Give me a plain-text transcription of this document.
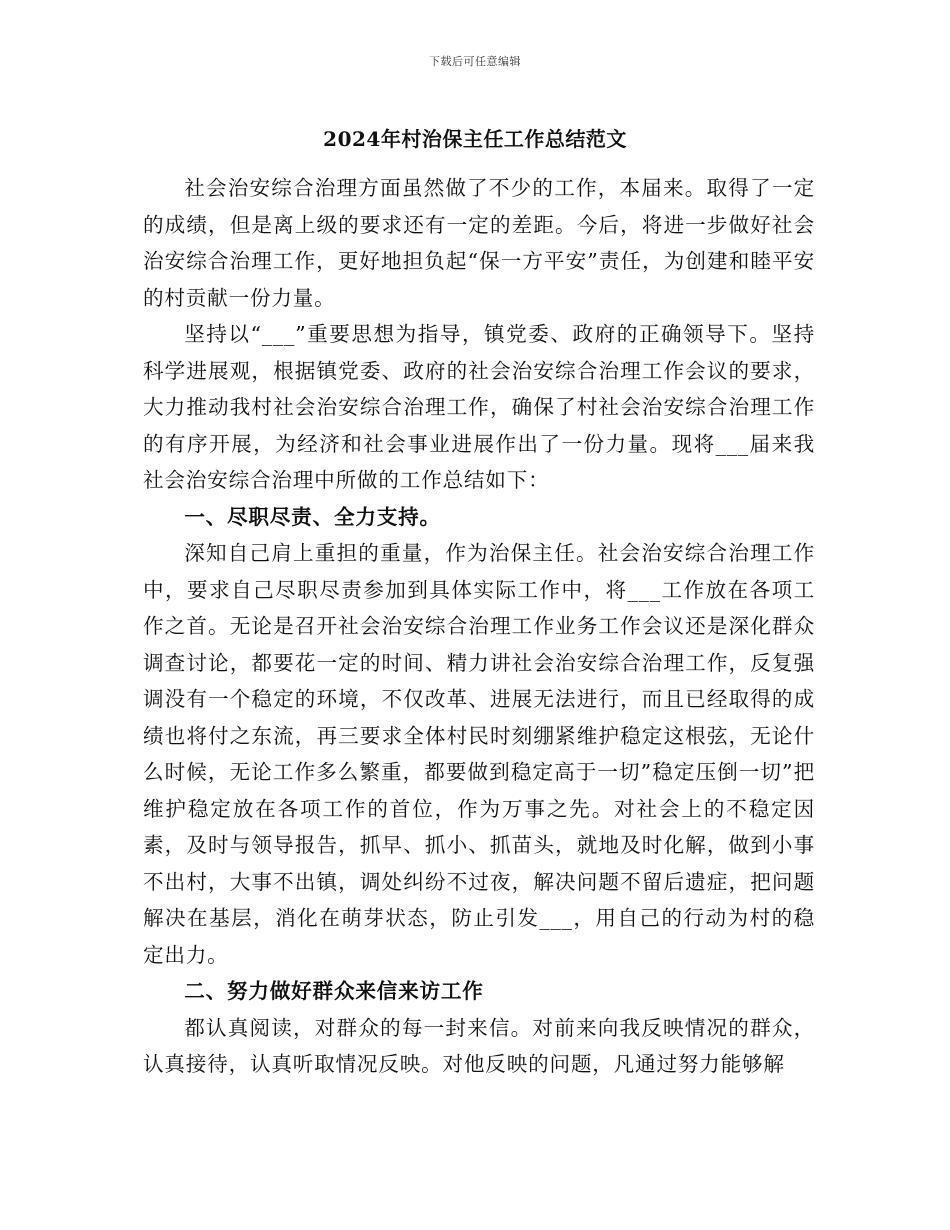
下载后可任意编辑
2024年村治保主任工作总结范文

社会治安综合治理方面虽然做了不少的工作，本届来。取得了一定的成绩，但是离上级的要求还有一定的差距。今后，将进一步做好社会治安综合治理工作，更好地担负起“保一方平安”责任，为创建和睦平安的村贡献一份力量。

坚持以“___”重要思想为指导，镇党委、政府的正确领导下。坚持科学进展观，根据镇党委、政府的社会治安综合治理工作会议的要求，大力推动我村社会治安综合治理工作，确保了村社会治安综合治理工作的有序开展，为经济和社会事业进展作出了一份力量。现将___届来我社会治安综合治理中所做的工作总结如下：

一、尽职尽责、全力支持。

深知自己肩上重担的重量，作为治保主任。社会治安综合治理工作中，要求自己尽职尽责参加到具体实际工作中，将___工作放在各项工作之首。无论是召开社会治安综合治理工作业务工作会议还是深化群众调查讨论，都要花一定的时间、精力讲社会治安综合治理工作，反复强调没有一个稳定的环境，不仅改革、进展无法进行，而且已经取得的成绩也将付之东流，再三要求全体村民时刻绷紧维护稳定这根弦，无论什么时候，无论工作多么繁重，都要做到稳定高于一切”稳定压倒一切”把维护稳定放在各项工作的首位，作为万事之先。对社会上的不稳定因素，及时与领导报告，抓早、抓小、抓苗头，就地及时化解，做到小事不出村，大事不出镇，调处纠纷不过夜，解决问题不留后遗症，把问题解决在基层，消化在萌芽状态，防止引发___，用自己的行动为村的稳定出力。

二、努力做好群众来信来访工作

都认真阅读，对群众的每一封来信。对前来向我反映情况的群众，认真接待，认真听取情况反映。对他反映的问题，凡通过努力能够解
